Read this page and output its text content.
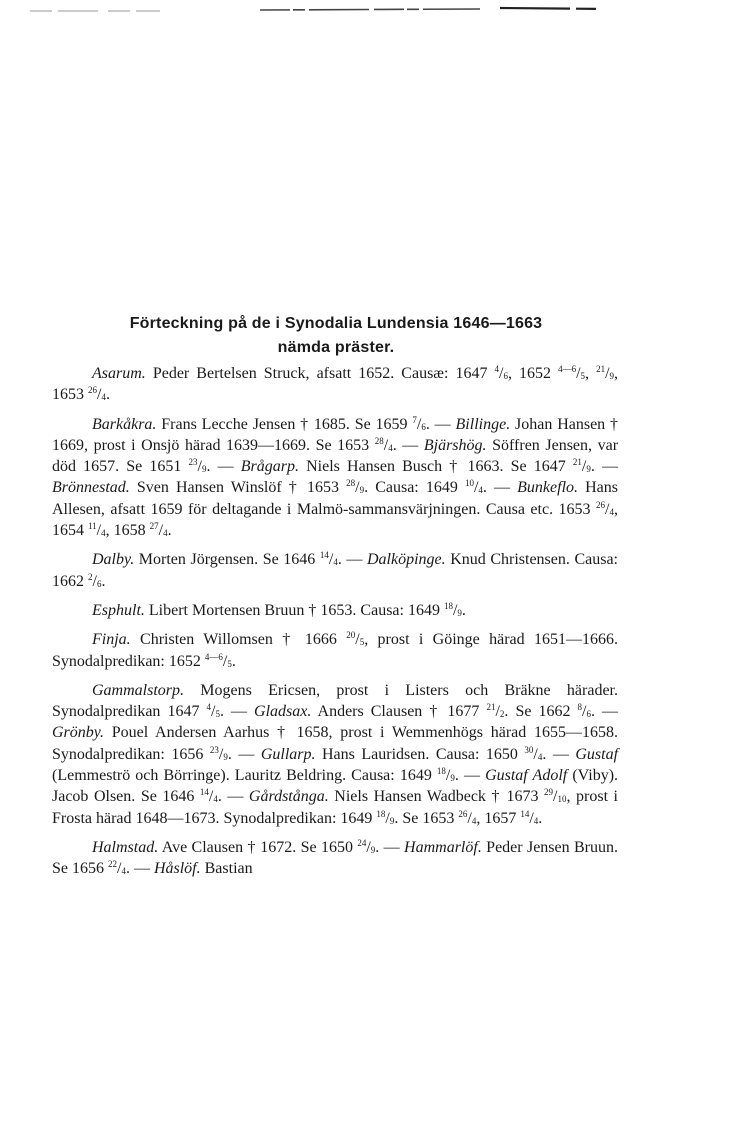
Förteckning på de i Synodalia Lundensia 1646—1663
nämda präster.

Asarum. Peder Bertelsen Struck, afsatt 1652. Causæ: 1647 $^4/_6$, 1652 $^{4—6}/_5$, $^{21}/_9$, 1653 $^{26}/_4$.

Barkåkra. Frans Lecche Jensen † 1685. Se 1659 $^7/_6$. — Billinge. Johan Hansen † 1669, prost i Onsjö härad 1639—1669. Se 1653 $^{28}/_4$. — Bjärshög. Söffren Jensen, var död 1657. Se 1651 $^{23}/_9$. — Brågarp. Niels Hansen Busch † 1663. Se 1647 $^{21}/_9$. — Brönnestad. Sven Hansen Winslöf † 1653 $^{28}/_9$. Causa: 1649 $^{10}/_4$. — Bunkeflo. Hans Allesen, afsatt 1659 för deltagande i Malmö-sammansvärjningen. Causa etc. 1653 $^{26}/_4$, 1654 $^{11}/_4$, 1658 $^{27}/_4$.

Dalby. Morten Jörgensen. Se 1646 $^{14}/_4$. — Dalköpinge. Knud Christensen. Causa: 1662 $^2/_6$.

Esphult. Libert Mortensen Bruun † 1653. Causa: 1649 $^{18}/_9$.

Finja. Christen Willomsen † 1666 $^{20}/_5$, prost i Göinge härad 1651—1666. Synodalpredikan: 1652 $^{4—6}/_5$.

Gammalstorp. Mogens Ericsen, prost i Listers och Bräkne härader. Synodalpredikan 1647 $^4/_5$. — Gladsax. Anders Clausen † 1677 $^{21}/_2$. Se 1662 $^8/_6$. — Grönby. Pouel Andersen Aarhus † 1658, prost i Wemmenhögs härad 1655—1658. Synodalpredikan: 1656 $^{23}/_9$. — Gullarp. Hans Lauridsen. Causa: 1650 $^{30}/_4$. — Gustaf (Lemmeströ och Börringe). Lauritz Beldring. Causa: 1649 $^{18}/_9$. — Gustaf Adolf (Viby). Jacob Olsen. Se 1646 $^{14}/_4$. — Gårdstånga. Niels Hansen Wadbeck † 1673 $^{29}/_{10}$, prost i Frosta härad 1648—1673. Synodalpredikan: 1649 $^{18}/_9$. Se 1653 $^{26}/_4$, 1657 $^{14}/_4$.

Halmstad. Ave Clausen † 1672. Se 1650 $^{24}/_9$. — Hammarlöf. Peder Jensen Bruun. Se 1656 $^{22}/_4$. — Håslöf. Bastian
